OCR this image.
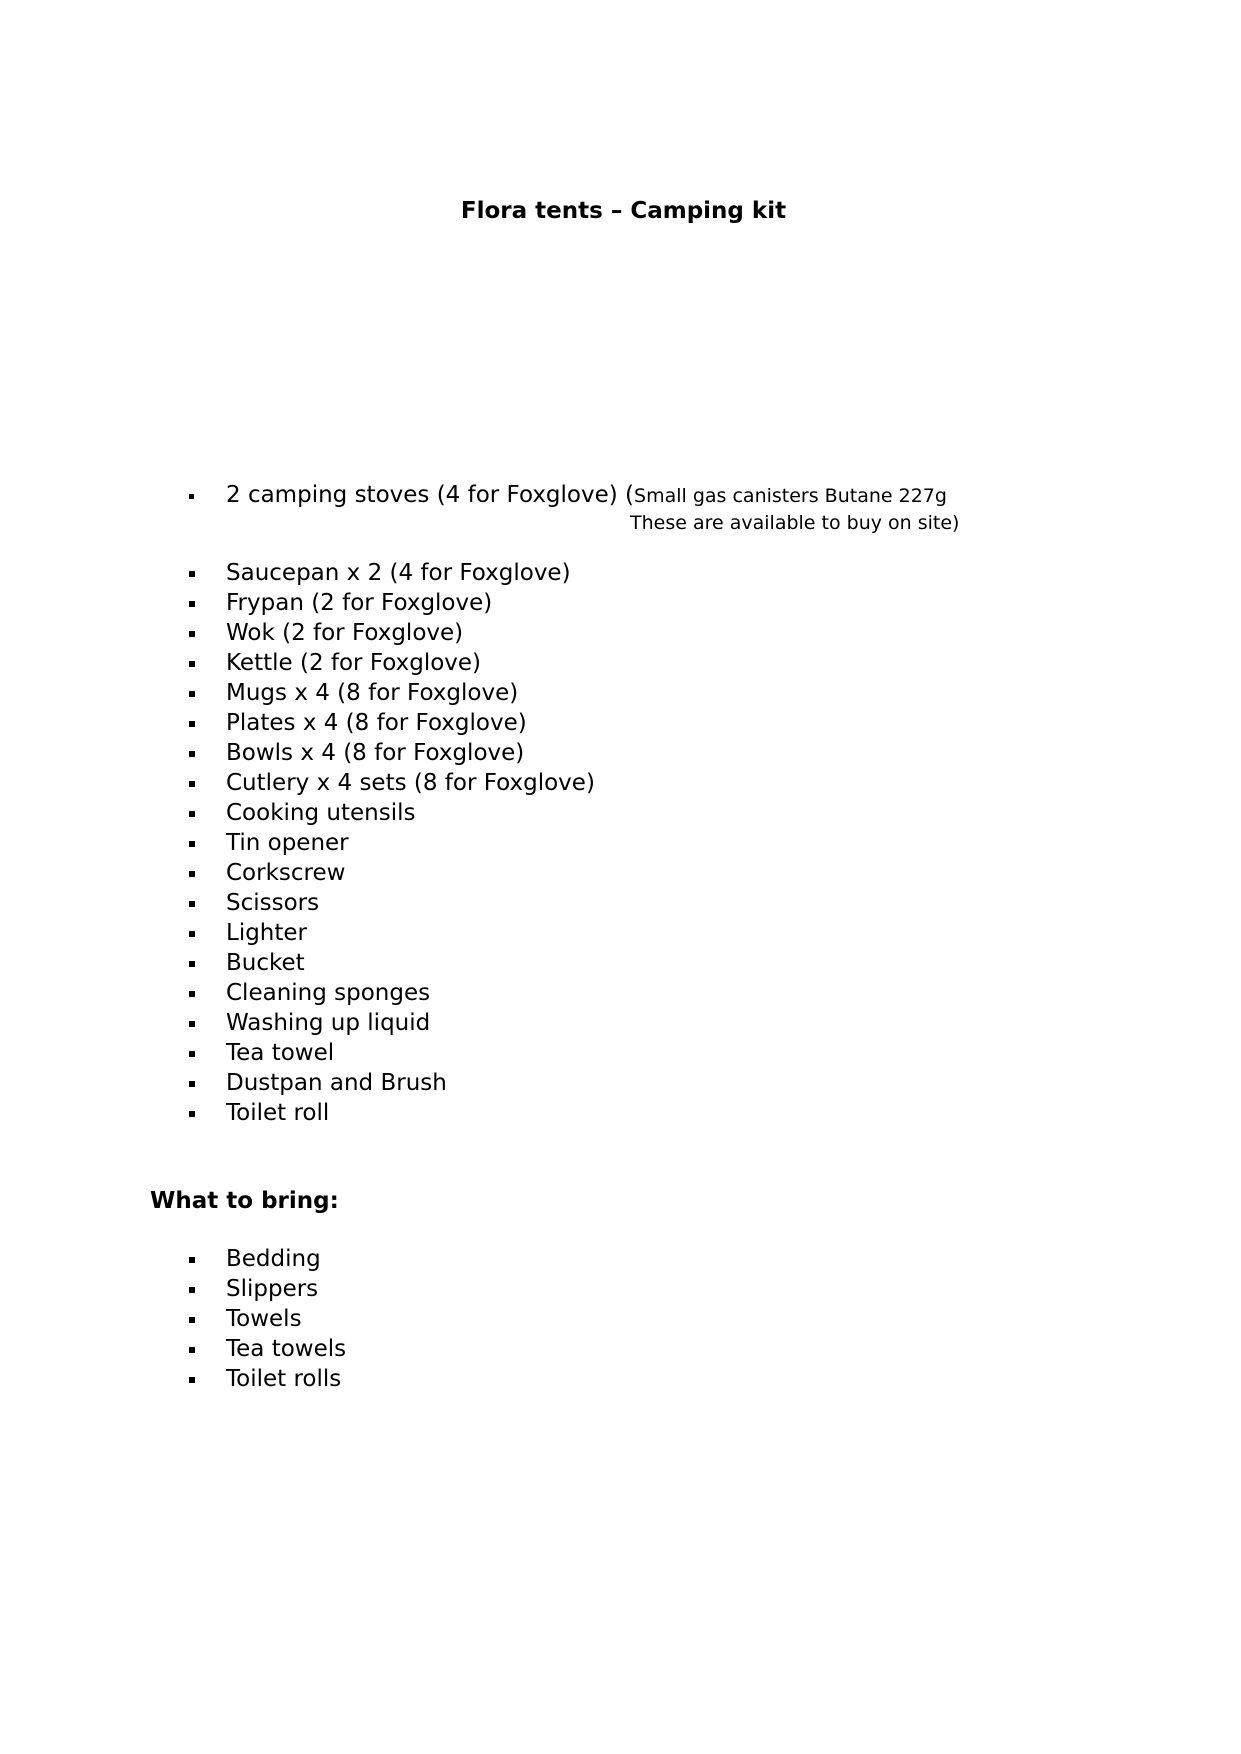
Flora tents – Camping kit
2 camping stoves (4 for Foxglove) (Small gas canisters Butane 227g
These are available to buy on site)
Saucepan x 2 (4 for Foxglove)
Frypan (2 for Foxglove)
Wok (2 for Foxglove)
Kettle (2 for Foxglove)
Mugs x 4 (8 for Foxglove)
Plates x 4 (8 for Foxglove)
Bowls x 4 (8 for Foxglove)
Cutlery x 4 sets (8 for Foxglove)
Cooking utensils
Tin opener
Corkscrew
Scissors
Lighter
Bucket
Cleaning sponges
Washing up liquid
Tea towel
Dustpan and Brush
Toilet roll
What to bring:
Bedding
Slippers
Towels
Tea towels
Toilet rolls
